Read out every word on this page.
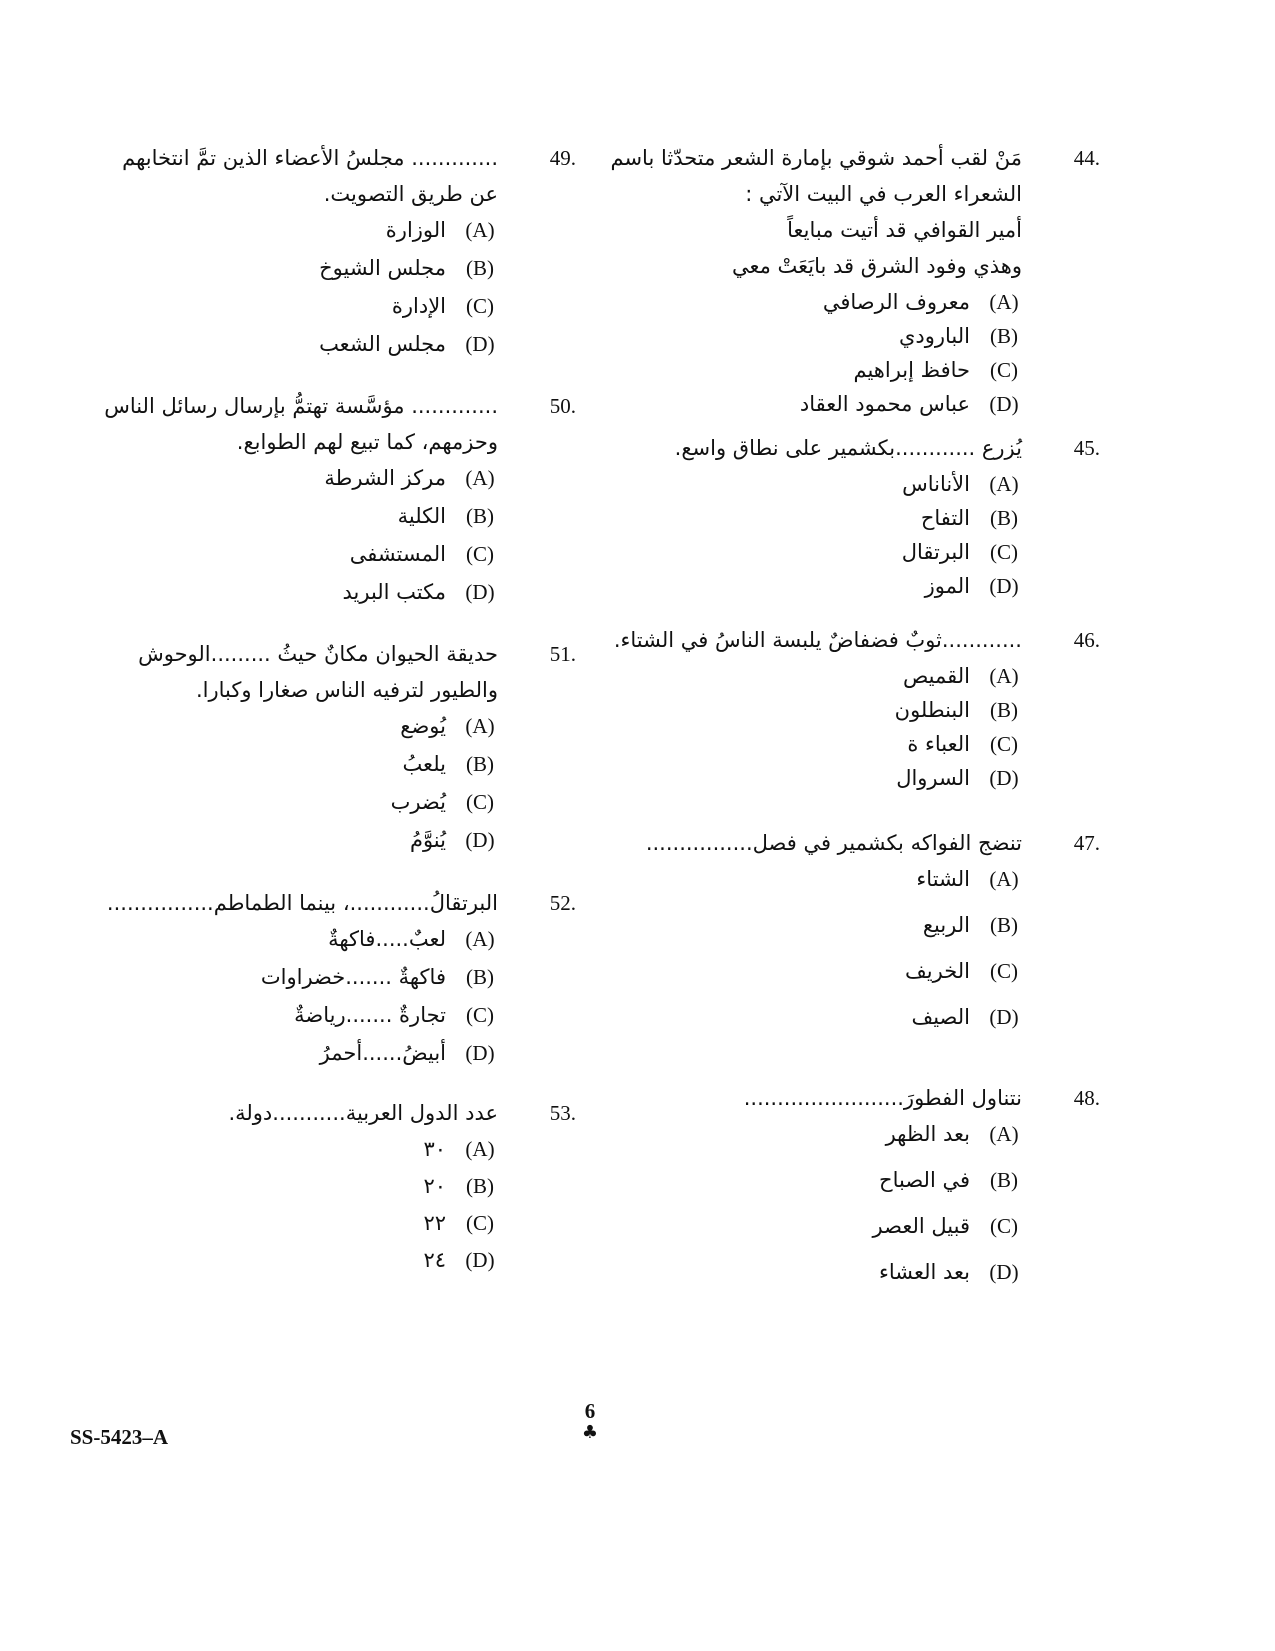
44.
مَنْ لقب أحمد شوقي بإمارة الشعر متحدّثا باسم
الشعراء العرب في البيت الآتي :
أمير القوافي قد أتيت مبايعاً
وهذي وفود الشرق قد بايَعَتْ معي
(A)
معروف الرصافي
(B)
البارودي
(C)
حافظ إبراهيم
(D)
عباس محمود العقاد
45.
يُزرع ............بكشمير على نطاق واسع.
(A)
الأناناس
(B)
التفاح
(C)
البرتقال
(D)
الموز
46.
............ثوبٌ فضفاضٌ يلبسة الناسُ في الشتاء.
(A)
القميص
(B)
البنطلون
(C)
العباء ة
(D)
السروال
47.
تنضج الفواكه بكشمير في فصل................
(A)
الشتاء
(B)
الربيع
(C)
الخريف
(D)
الصيف
48.
نتناول الفطورَ........................
(A)
بعد الظهر
(B)
في الصباح
(C)
قبيل العصر
(D)
بعد العشاء
49.
............. مجلسُ الأعضاء الذين تمَّ انتخابهم
عن طريق التصويت.
(A)
الوزارة
(B)
مجلس الشيوخ
(C)
الإدارة
(D)
مجلس الشعب
50.
............. مؤسَّسة تهتمُّ بإرسال رسائل الناس
وحزمهم، كما تبيع لهم الطوابع.
(A)
مركز الشرطة
(B)
الكلية
(C)
المستشفى
(D)
مكتب البريد
51.
حديقة الحيوان مكانٌ حيثُ .........الوحوش
والطيور لترفيه الناس صغارا وكبارا.
(A)
يُوضع
(B)
يلعبُ
(C)
يُضرب
(D)
يُنوَّمُ
52.
البرتقالُ............، بينما الطماطم................
(A)
لعبٌ.....فاكهةٌ
(B)
فاكهةٌ .......خضراوات
(C)
تجارةٌ .......رياضةٌ
(D)
أبيضُ......أحمرُ
53.
عدد الدول العربية...........دولة.
(A)
٣٠
(B)
٢٠
(C)
٢٢
(D)
٢٤
6
♣
SS-5423–A
